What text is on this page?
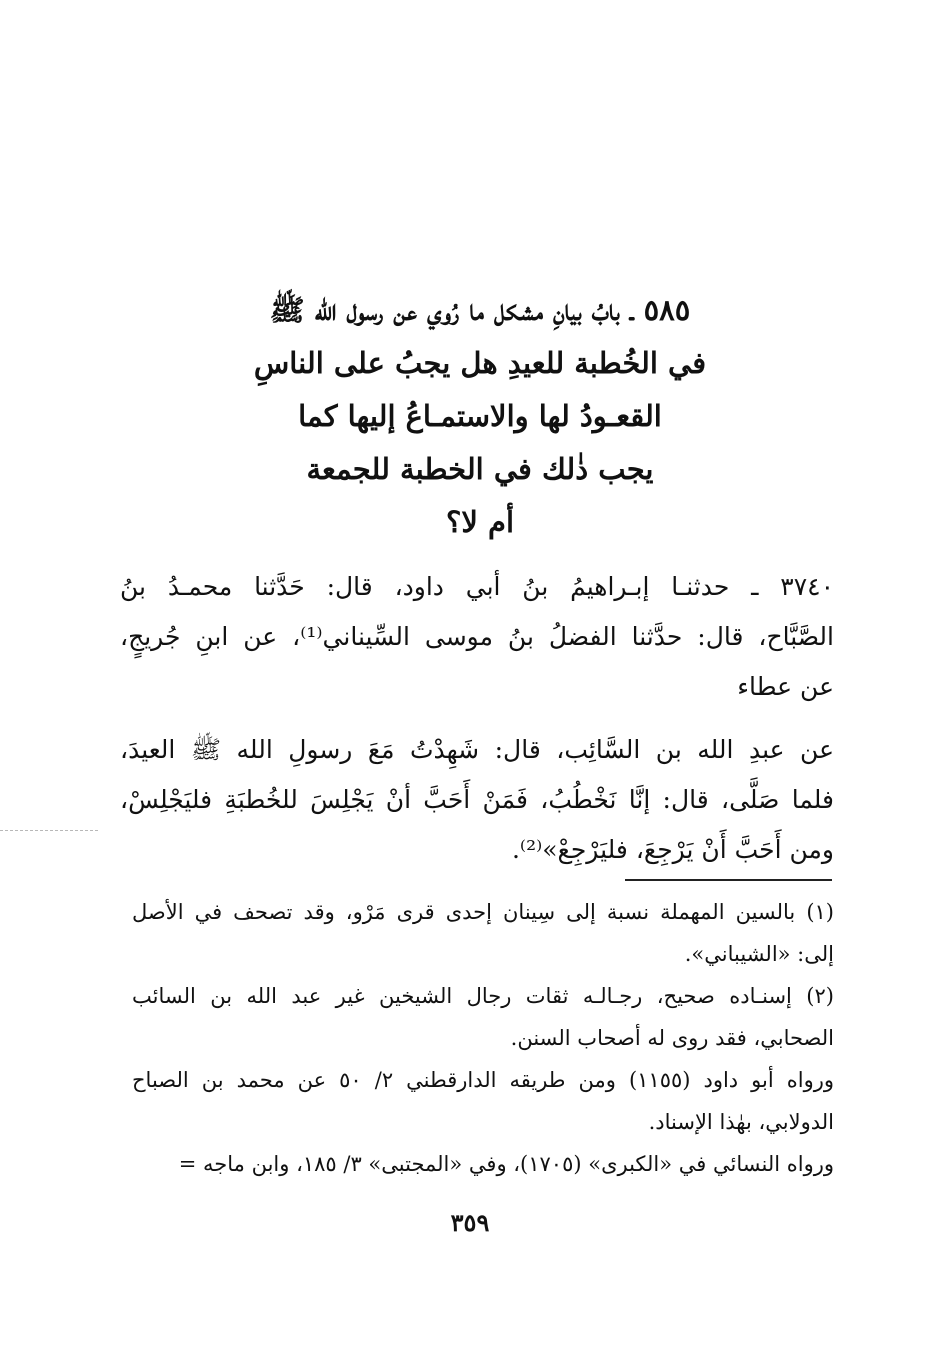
٥٨٥ ـ بابُ بيانِ مشكل ما رُوي عن رسول الله ﷺ
في الخُطبة للعيدِ هل يجبُ على الناسِ
القعـودُ لها والاستمـاعُ إليها كما
يجب ذٰلك في الخطبة للجمعة
أم لا؟
٣٧٤٠ ـ حدثنـا إبـراهيمُ بنُ أبي داود، قال: حَدَّثنا محمـدُ بنُ
الصَّبَّاح، قال: حدَّثنا الفضلُ بنُ موسى السِّيناني⁽¹⁾، عن ابنِ جُريجٍ،
عن عطاء
عن عبدِ الله بن السَّائِب، قال: شَهِدْتُ مَعَ رسولِ الله ﷺ العيدَ،
فلما صَلَّى، قال: إنَّا نَخْطُبُ، فَمَنْ أَحَبَّ أنْ يَجْلِسَ للخُطبَةِ فليَجْلِسْ،
ومن أَحَبَّ أَنْ يَرْجِعَ، فليَرْجِعْ»⁽²⁾.
(١) بالسين المهملة نسبة إلى سِينان إحدى قرى مَرْو، وقد تصحف في الأصل
إلى: «الشيباني».
(٢) إسنـاده صحيح، رجـالـه ثقات رجال الشيخين غير عبد الله بن السائب
الصحابي، فقد روى له أصحاب السنن.
ورواه أبو داود (١١٥٥) ومن طريقه الدارقطني ٢/ ٥٠ عن محمد بن الصباح
الدولابي، بهٰذا الإسناد.
ورواه النسائي في «الكبرى» (١٧٠٥)، وفي «المجتبى» ٣/ ١٨٥، وابن ماجه =
٣٥٩
